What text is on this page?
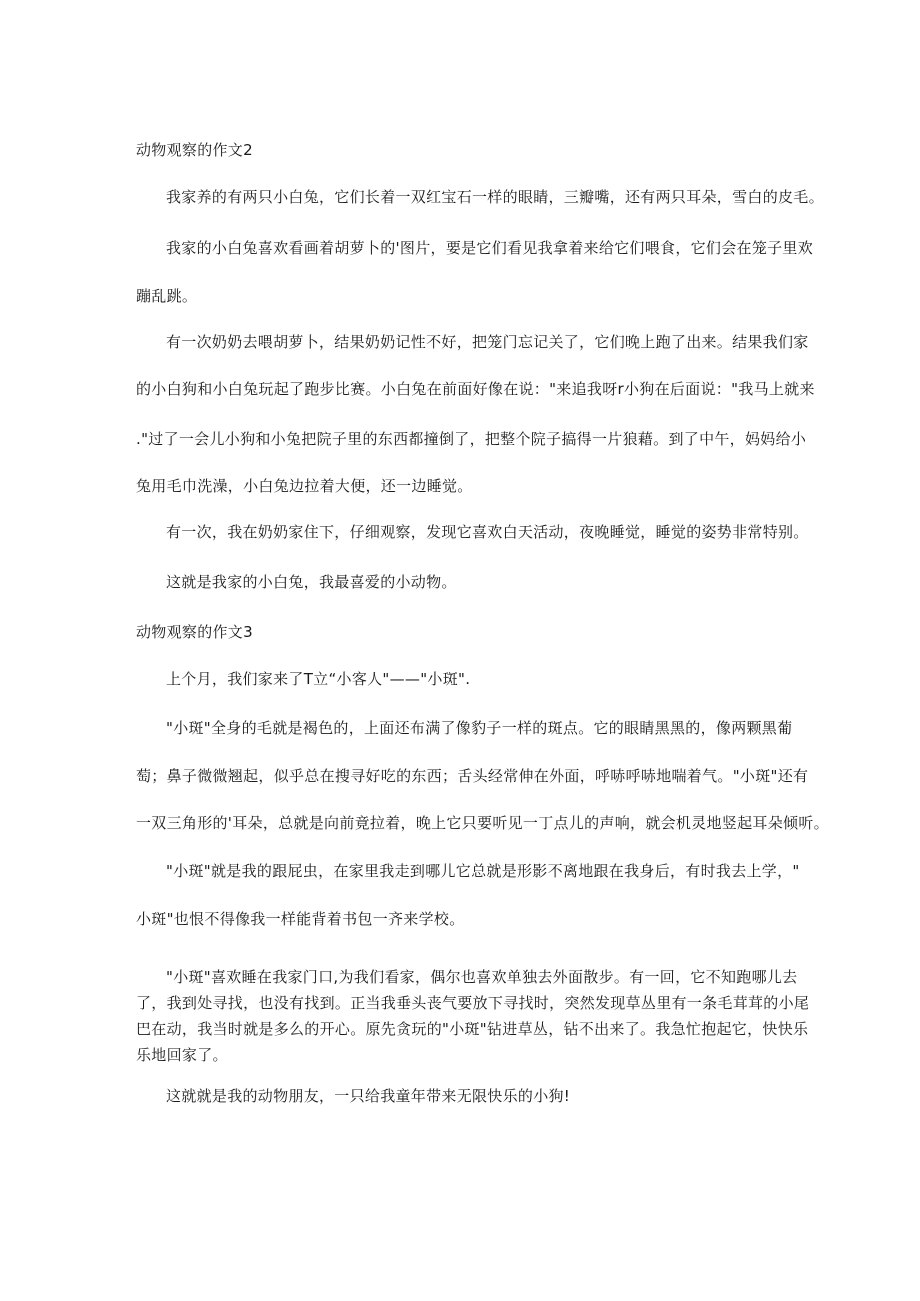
动物观察的作文2
我家养的有两只小白兔，它们长着一双红宝石一样的眼睛，三瓣嘴，还有两只耳朵，雪白的皮毛。
我家的小白兔喜欢看画着胡萝卜的'图片，要是它们看见我拿着来给它们喂食，它们会在笼子里欢
蹦乱跳。
有一次奶奶去喂胡萝卜，结果奶奶记性不好，把笼门忘记关了，它们晚上跑了出来。结果我们家
的小白狗和小白兔玩起了跑步比赛。小白兔在前面好像在说："来追我呀r小狗在后面说："我马上就来
."过了一会儿小狗和小兔把院子里的东西都撞倒了，把整个院子搞得一片狼藉。到了中午，妈妈给小
兔用毛巾洗澡，小白兔边拉着大便，还一边睡觉。
有一次，我在奶奶家住下，仔细观察，发现它喜欢白天活动，夜晚睡觉，睡觉的姿势非常特别。
这就是我家的小白兔，我最喜爱的小动物。
动物观察的作文3
上个月，我们家来了T立“小客人"——"小斑".
"小斑"全身的毛就是褐色的，上面还布满了像豹子一样的斑点。它的眼睛黑黑的，像两颗黑葡
萄；鼻子微微翘起，似乎总在搜寻好吃的东西；舌头经常伸在外面，呼哧呼哧地喘着气。"小斑"还有
一双三角形的'耳朵，总就是向前竟拉着，晚上它只要听见一丁点儿的声响，就会机灵地竖起耳朵倾听。
"小斑"就是我的跟屁虫，在家里我走到哪儿它总就是形影不离地跟在我身后，有时我去上学，"
小斑"也恨不得像我一样能背着书包一齐来学校。
"小斑"喜欢睡在我家门口,为我们看家，偶尔也喜欢单独去外面散步。有一回，它不知跑哪儿去
了，我到处寻找，也没有找到。正当我垂头丧气要放下寻找时，突然发现草丛里有一条毛茸茸的小尾
巴在动，我当时就是多么的开心。原先贪玩的"小斑"钻进草丛，钻不出来了。我急忙抱起它，快快乐
乐地回家了。
这就就是我的动物朋友，一只给我童年带来无限快乐的小狗!
